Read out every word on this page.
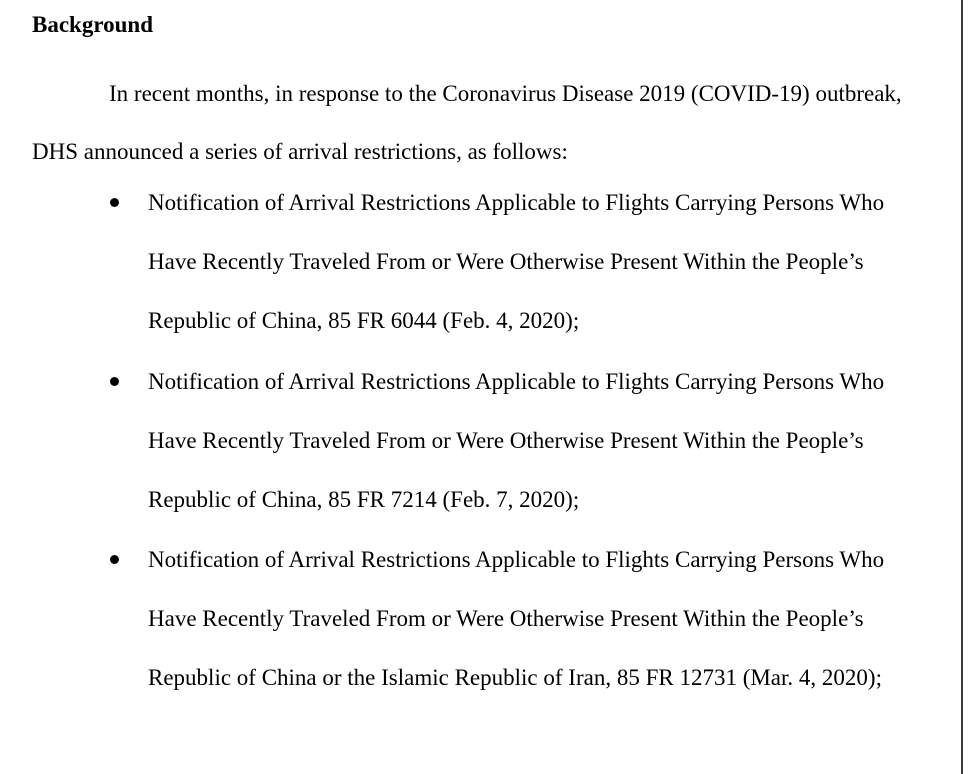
Background

In recent months, in response to the Coronavirus Disease 2019 (COVID-19) outbreak, DHS announced a series of arrival restrictions, as follows:

Notification of Arrival Restrictions Applicable to Flights Carrying Persons Who Have Recently Traveled From or Were Otherwise Present Within the People’s Republic of China, 85 FR 6044 (Feb. 4, 2020);
Notification of Arrival Restrictions Applicable to Flights Carrying Persons Who Have Recently Traveled From or Were Otherwise Present Within the People’s Republic of China, 85 FR 7214 (Feb. 7, 2020);
Notification of Arrival Restrictions Applicable to Flights Carrying Persons Who Have Recently Traveled From or Were Otherwise Present Within the People’s Republic of China or the Islamic Republic of Iran, 85 FR 12731 (Mar. 4, 2020);
